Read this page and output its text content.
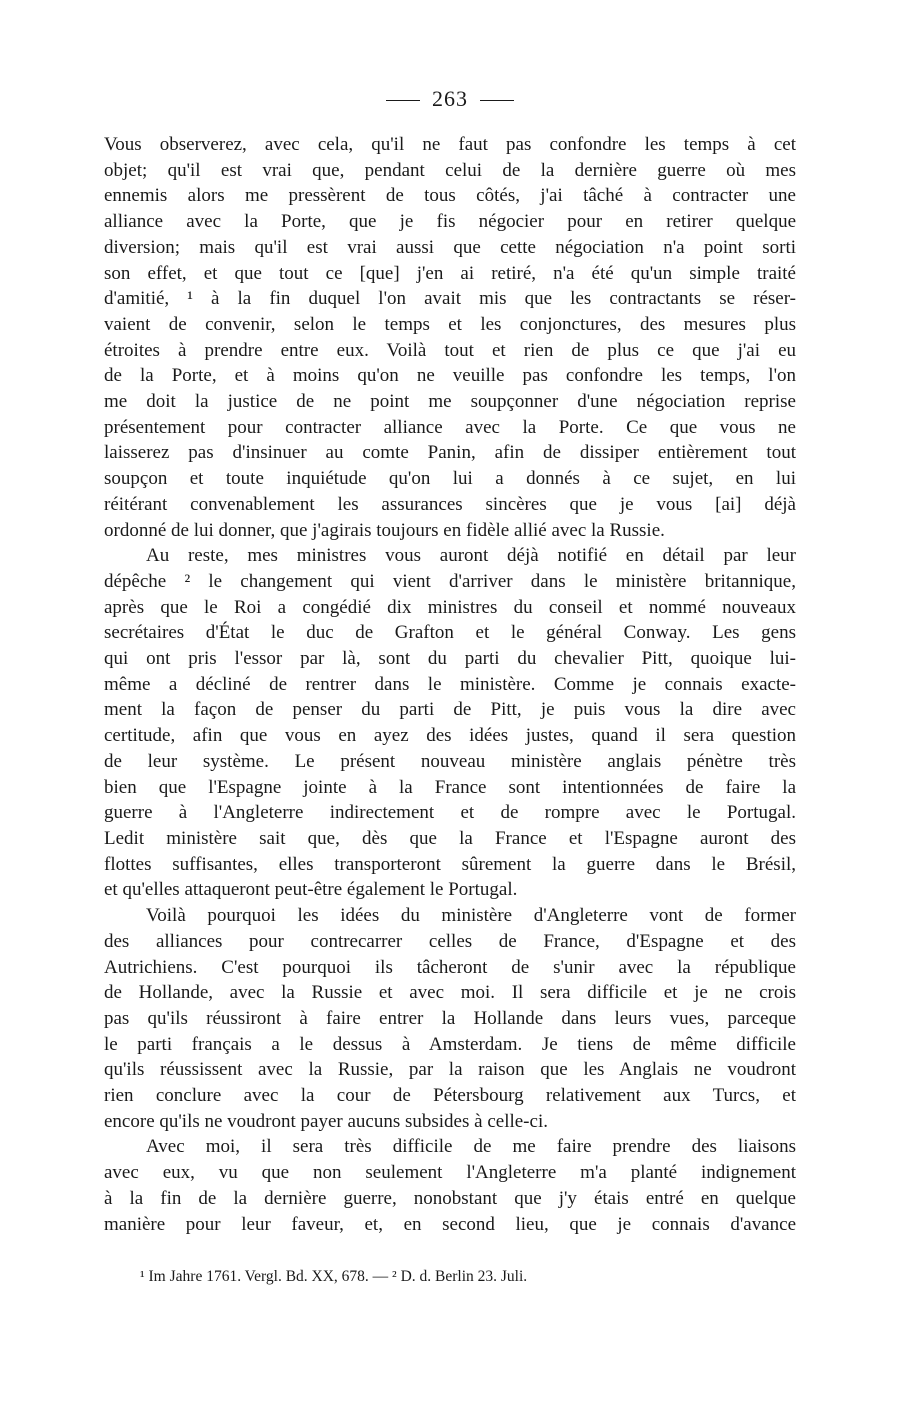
263
Vous observerez, avec cela, qu'il ne faut pas confondre les temps à cet
objet; qu'il est vrai que, pendant celui de la dernière guerre où mes
ennemis alors me pressèrent de tous côtés, j'ai tâché à contracter une
alliance avec la Porte, que je fis négocier pour en retirer quelque
diversion; mais qu'il est vrai aussi que cette négociation n'a point sorti
son effet, et que tout ce [que] j'en ai retiré, n'a été qu'un simple traité
d'amitié, ¹ à la fin duquel l'on avait mis que les contractants se réser-
vaient de convenir, selon le temps et les conjonctures, des mesures plus
étroites à prendre entre eux. Voilà tout et rien de plus ce que j'ai eu
de la Porte, et à moins qu'on ne veuille pas confondre les temps, l'on
me doit la justice de ne point me soupçonner d'une négociation reprise
présentement pour contracter alliance avec la Porte. Ce que vous ne
laisserez pas d'insinuer au comte Panin, afin de dissiper entièrement tout
soupçon et toute inquiétude qu'on lui a donnés à ce sujet, en lui
réitérant convenablement les assurances sincères que je vous [ai] déjà
ordonné de lui donner, que j'agirais toujours en fidèle allié avec la Russie.
Au reste, mes ministres vous auront déjà notifié en détail par leur
dépêche ² le changement qui vient d'arriver dans le ministère britannique,
après que le Roi a congédié dix ministres du conseil et nommé nouveaux
secrétaires d'État le duc de Grafton et le général Conway. Les gens
qui ont pris l'essor par là, sont du parti du chevalier Pitt, quoique lui-
même a décliné de rentrer dans le ministère. Comme je connais exacte-
ment la façon de penser du parti de Pitt, je puis vous la dire avec
certitude, afin que vous en ayez des idées justes, quand il sera question
de leur système. Le présent nouveau ministère anglais pénètre très
bien que l'Espagne jointe à la France sont intentionnées de faire la
guerre à l'Angleterre indirectement et de rompre avec le Portugal.
Ledit ministère sait que, dès que la France et l'Espagne auront des
flottes suffisantes, elles transporteront sûrement la guerre dans le Brésil,
et qu'elles attaqueront peut-être également le Portugal.
Voilà pourquoi les idées du ministère d'Angleterre vont de former
des alliances pour contrecarrer celles de France, d'Espagne et des
Autrichiens. C'est pourquoi ils tâcheront de s'unir avec la république
de Hollande, avec la Russie et avec moi. Il sera difficile et je ne crois
pas qu'ils réussiront à faire entrer la Hollande dans leurs vues, parceque
le parti français a le dessus à Amsterdam. Je tiens de même difficile
qu'ils réussissent avec la Russie, par la raison que les Anglais ne voudront
rien conclure avec la cour de Pétersbourg relativement aux Turcs, et
encore qu'ils ne voudront payer aucuns subsides à celle-ci.
Avec moi, il sera très difficile de me faire prendre des liaisons
avec eux, vu que non seulement l'Angleterre m'a planté indignement
à la fin de la dernière guerre, nonobstant que j'y étais entré en quelque
manière pour leur faveur, et, en second lieu, que je connais d'avance
¹ Im Jahre 1761. Vergl. Bd. XX, 678. — ² D. d. Berlin 23. Juli.
